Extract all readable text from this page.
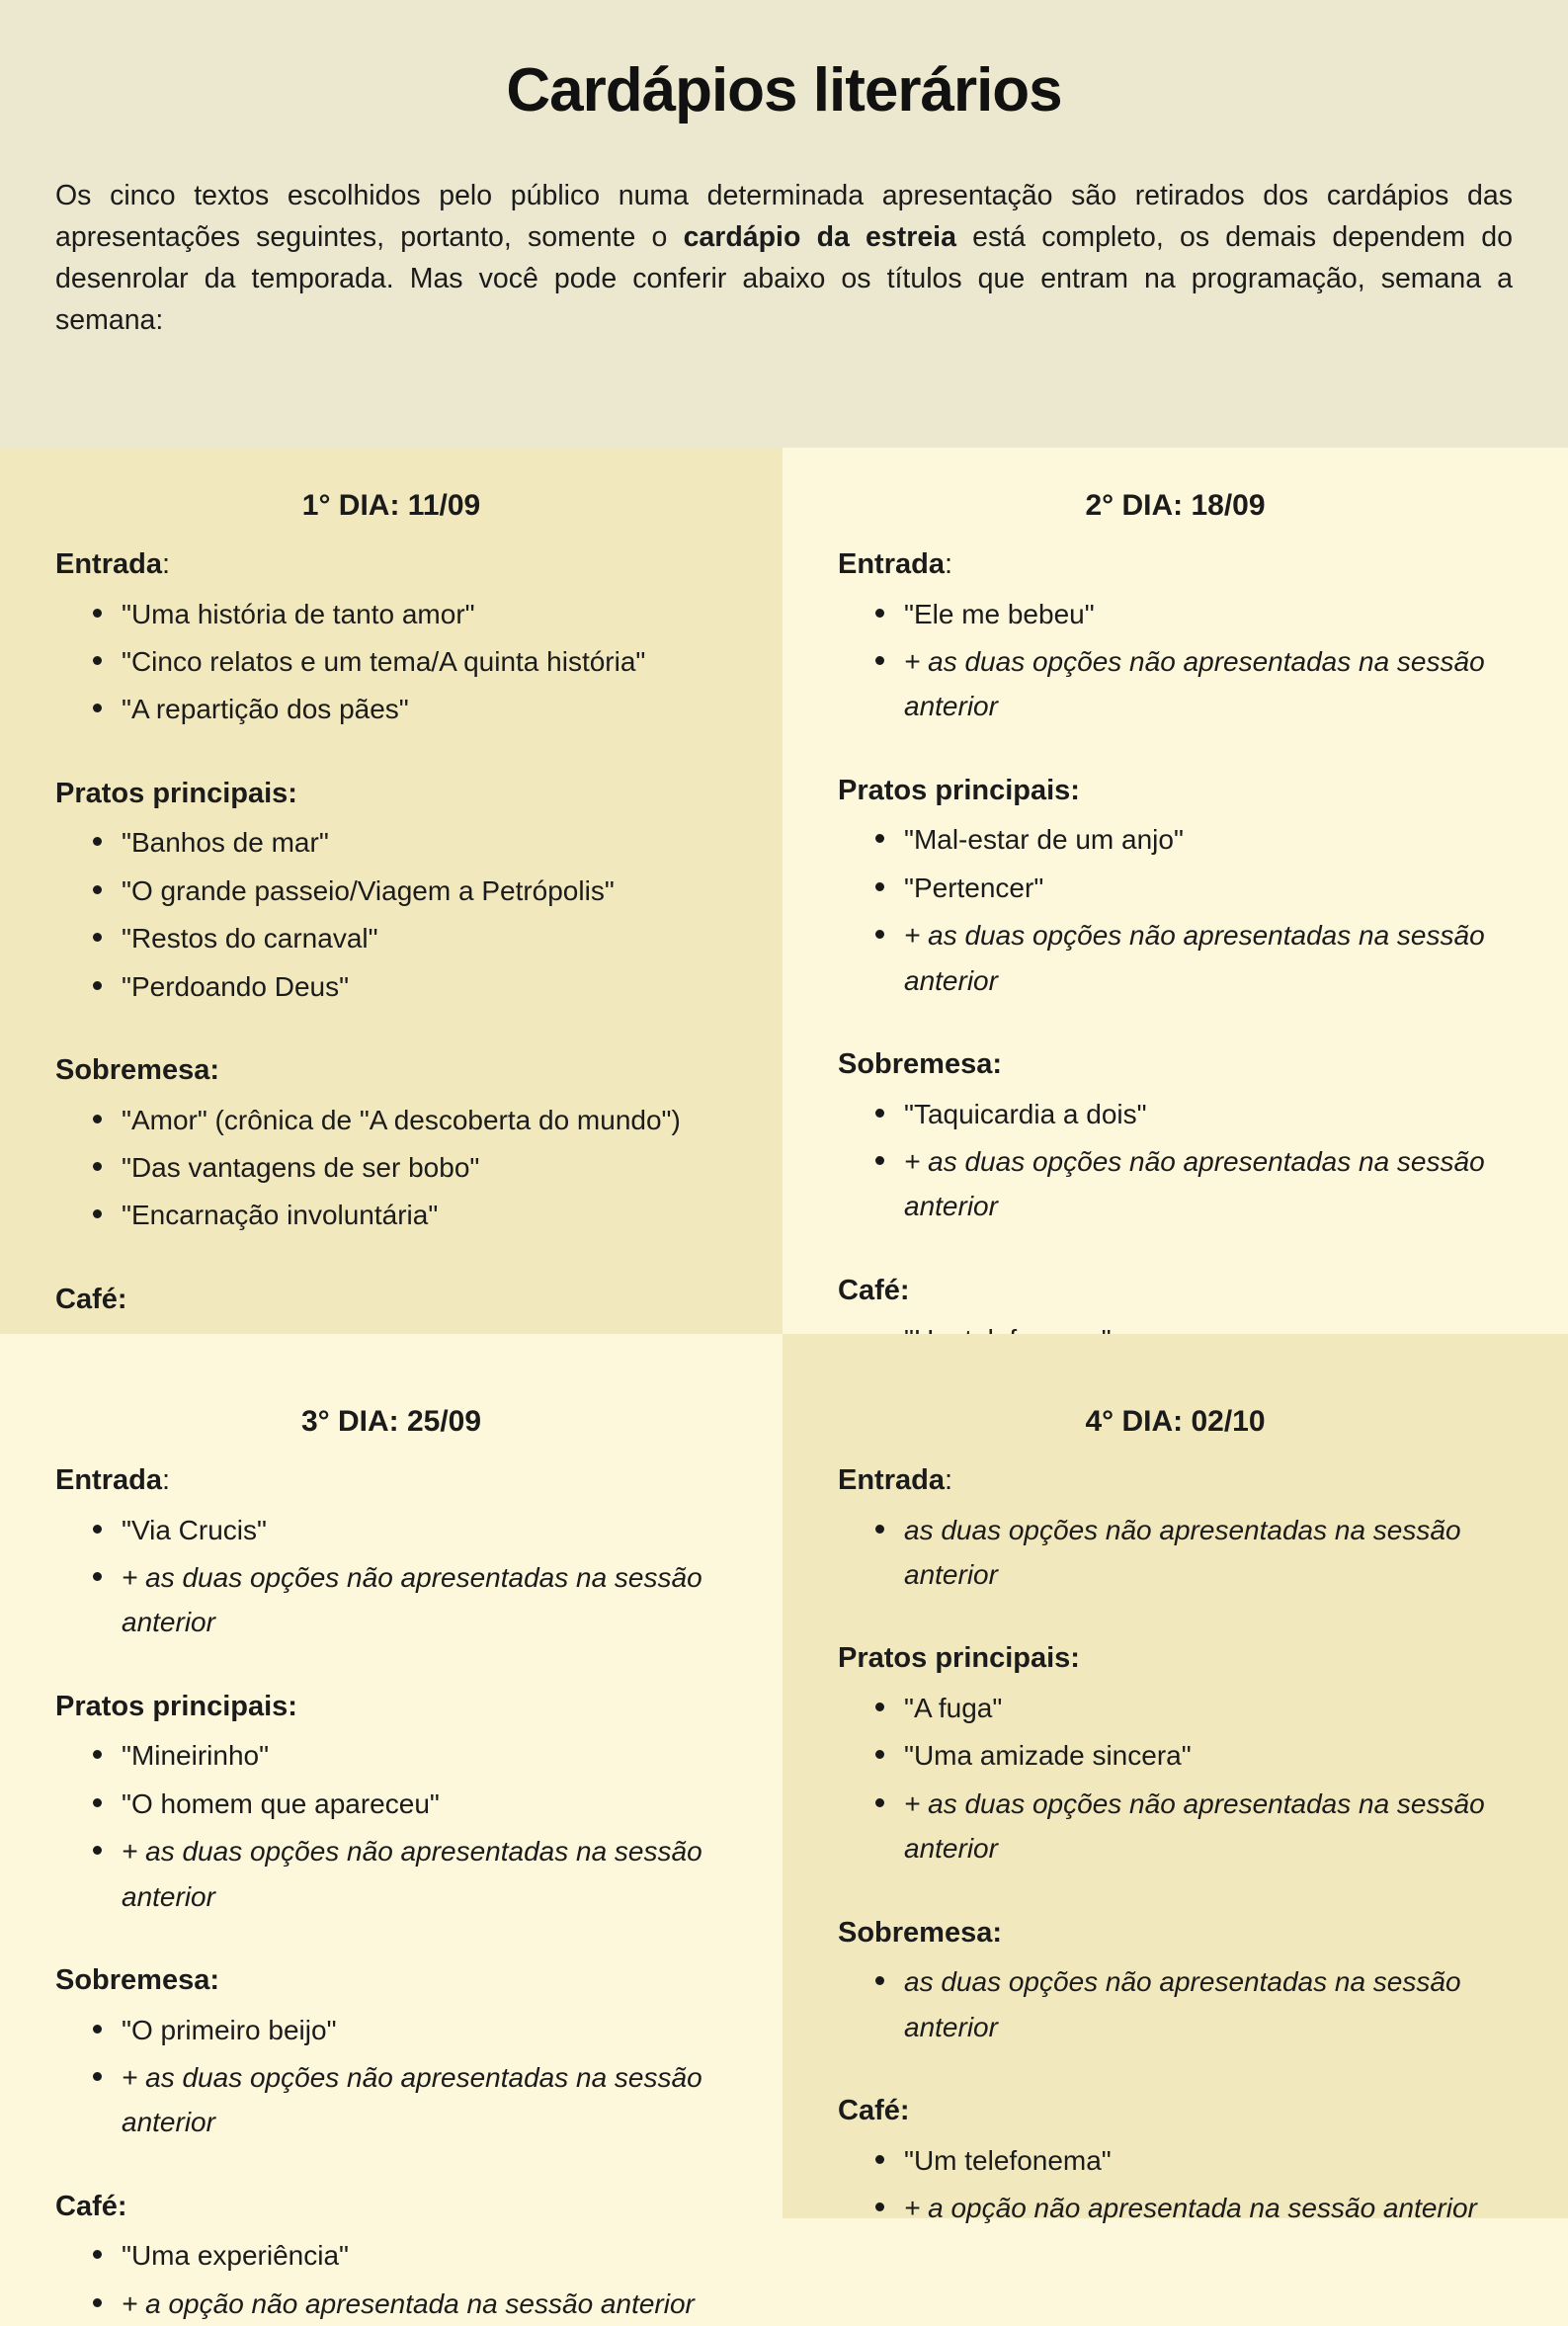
Cardápios literários

Os cinco textos escolhidos pelo público numa determinada apresentação são retirados dos cardápios das apresentações seguintes, portanto, somente o cardápio da estreia está completo, os demais dependem do desenrolar da temporada. Mas você pode conferir abaixo os títulos que entram na programação, semana a semana:

1° DIA: 11/09
Entrada:
"Uma história de tanto amor"
"Cinco relatos e um tema/A quinta história"
"A repartição dos pães"
Pratos principais:
"Banhos de mar"
"O grande passeio/Viagem a Petrópolis"
"Restos do carnaval"
"Perdoando Deus"
Sobremesa:
"Amor" (crônica de "A descoberta do mundo")
"Das vantagens de ser bobo"
"Encarnação involuntária"
Café:
2° DIA: 18/09
Entrada:
"Ele me bebeu"
+ as duas opções não apresentadas na sessão anterior
Pratos principais:
"Mal-estar de um anjo"
"Pertencer"
+ as duas opções não apresentadas na sessão anterior
Sobremesa:
"Taquicardia a dois"
+ as duas opções não apresentadas na sessão anterior
Café:
3° DIA: 25/09
Entrada:
"Via Crucis"
+ as duas opções não apresentadas na sessão anterior
Pratos principais:
"Mineirinho"
"O homem que apareceu"
+ as duas opções não apresentadas na sessão anterior
Sobremesa:
"O primeiro beijo"
+ as duas opções não apresentadas na sessão anterior
Café:
"Uma experiência"
+ a opção não apresentada na sessão anterior
4° DIA: 02/10
Entrada:
as duas opções não apresentadas na sessão anterior
Pratos principais:
"A fuga"
"Uma amizade sincera"
+ as duas opções não apresentadas na sessão anterior
Sobremesa:
as duas opções não apresentadas na sessão anterior
Café:
"Um telefonema"
+ a opção não apresentada na sessão anterior
